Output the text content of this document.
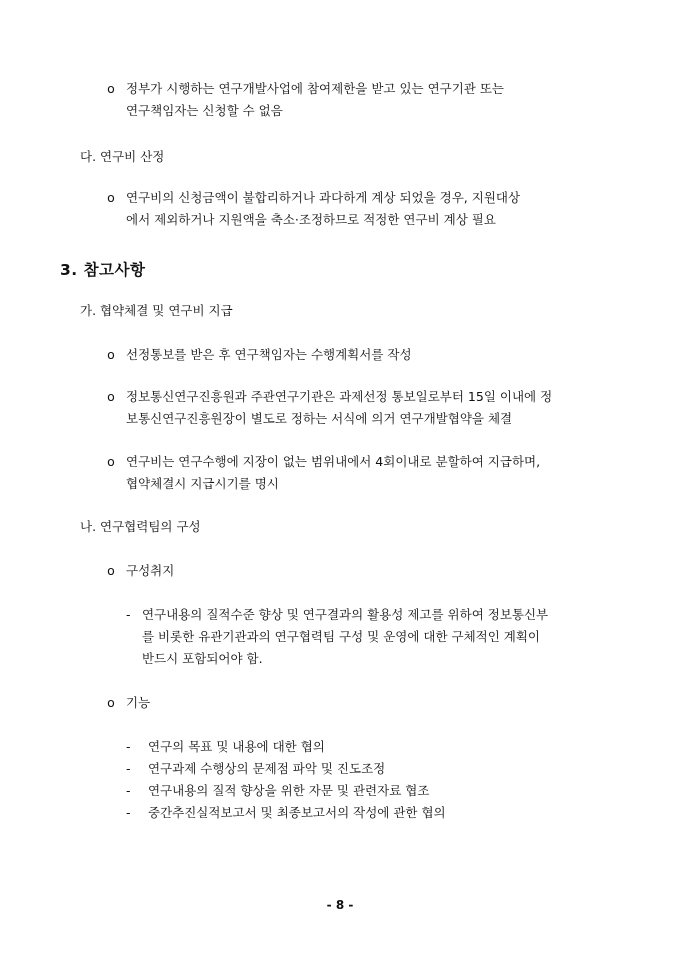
ο 정부가 시행하는 연구개발사업에 참여제한을 받고 있는 연구기관 또는
연구책임자는 신청할 수 없음
다. 연구비 산정
ο 연구비의 신청금액이 불합리하거나 과다하게 계상 되었을 경우, 지원대상
에서 제외하거나 지원액을 축소·조정하므로 적정한 연구비 계상 필요
3. 참고사항
가. 협약체결 및 연구비 지급
ο 선정통보를 받은 후 연구책임자는 수행계획서를 작성
ο 정보통신연구진흥원과 주관연구기관은 과제선정 통보일로부터 15일 이내에 정
보통신연구진흥원장이 별도로 정하는 서식에 의거 연구개발협약을 체결
ο 연구비는 연구수행에 지장이 없는 범위내에서 4회이내로 분할하여 지급하며,
협약체결시 지급시기를 명시
나. 연구협력팀의 구성
ο 구성취지
- 연구내용의 질적수준 향상 및 연구결과의 활용성 제고를 위하여 정보통신부
를 비롯한 유관기관과의 연구협력팀 구성 및 운영에 대한 구체적인 계획이
반드시 포함되어야 함.
ο 기능
- 연구의 목표 및 내용에 대한 협의
- 연구과제 수행상의 문제점 파악 및 진도조정
- 연구내용의 질적 향상을 위한 자문 및 관련자료 협조
- 중간추진실적보고서 및 최종보고서의 작성에 관한 협의
- 8 -
